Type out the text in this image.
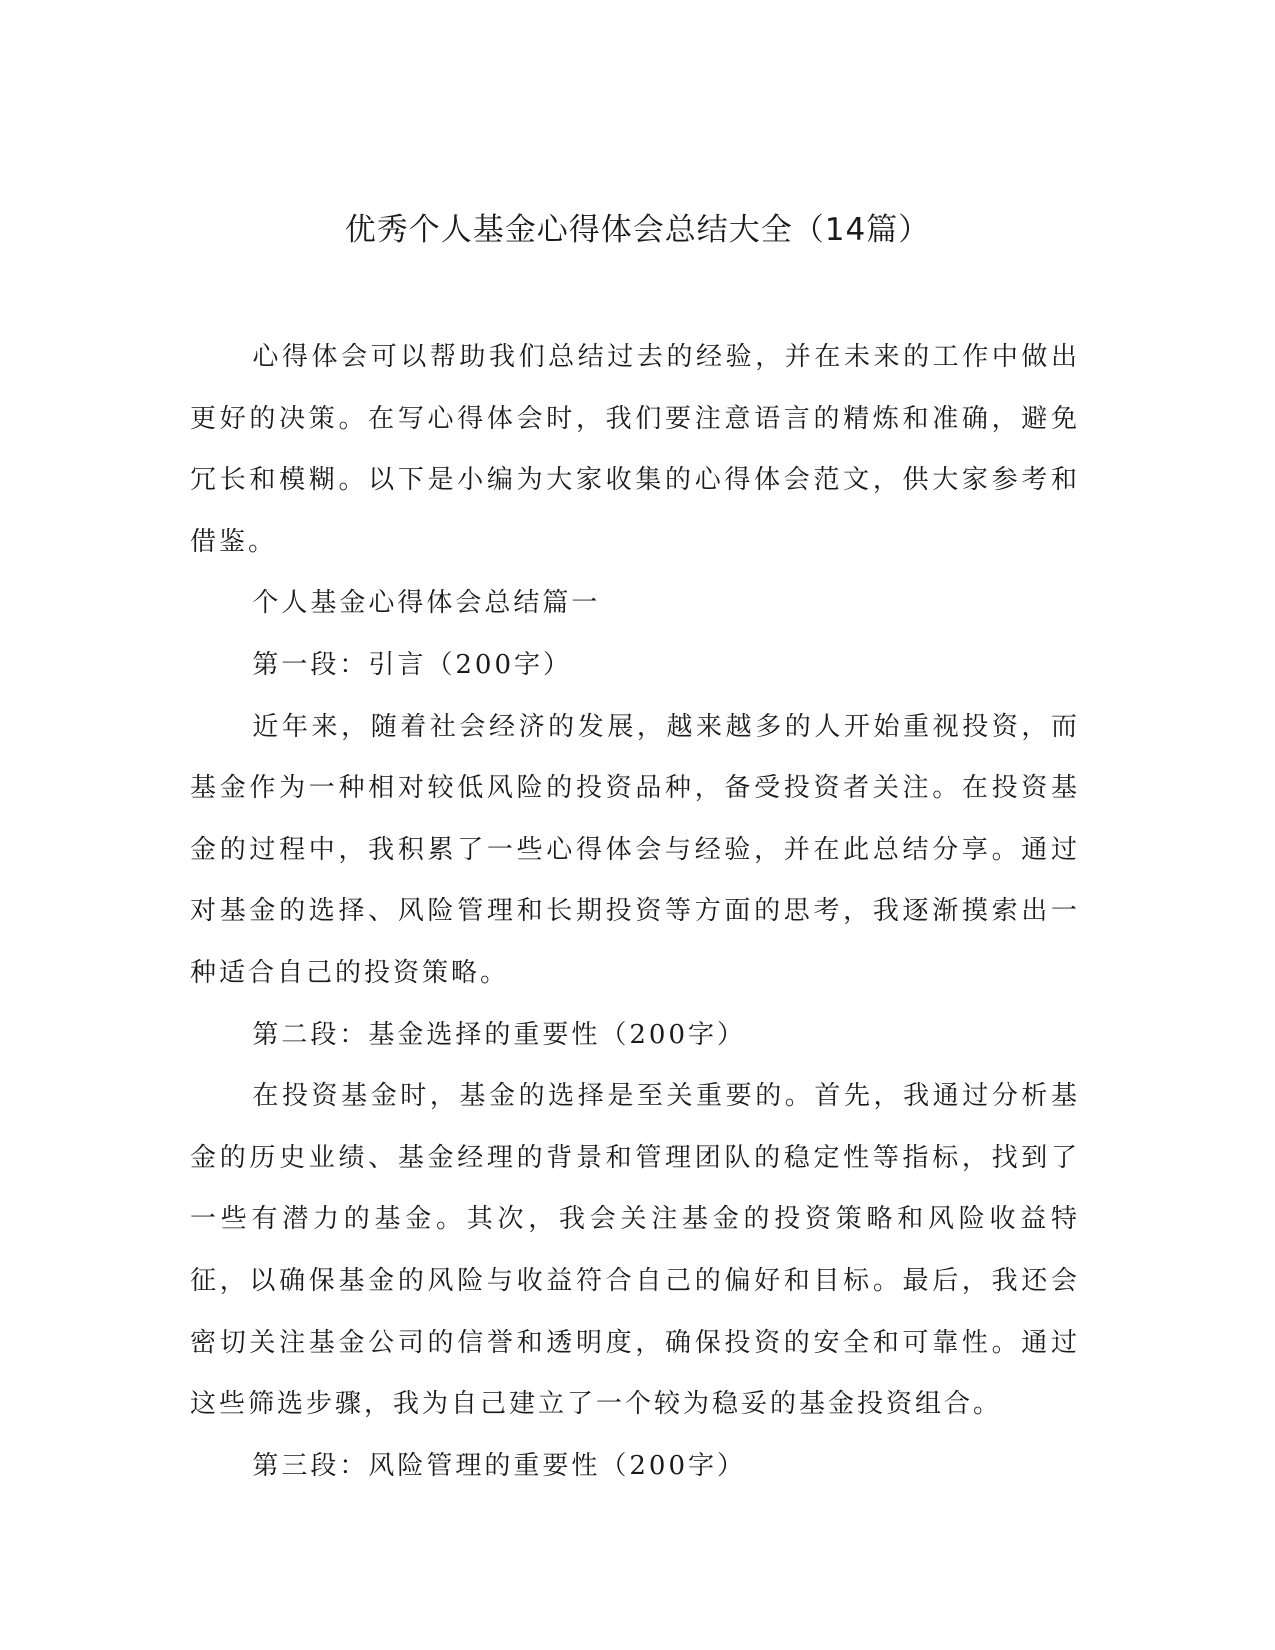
优秀个人基金心得体会总结大全（14篇）

心得体会可以帮助我们总结过去的经验，并在未来的工作中做出更好的决策。在写心得体会时，我们要注意语言的精炼和准确，避免冗长和模糊。以下是小编为大家收集的心得体会范文，供大家参考和借鉴。

个人基金心得体会总结篇一

第一段：引言（200字）

近年来，随着社会经济的发展，越来越多的人开始重视投资，而基金作为一种相对较低风险的投资品种，备受投资者关注。在投资基金的过程中，我积累了一些心得体会与经验，并在此总结分享。通过对基金的选择、风险管理和长期投资等方面的思考，我逐渐摸索出一种适合自己的投资策略。

第二段：基金选择的重要性（200字）

在投资基金时，基金的选择是至关重要的。首先，我通过分析基金的历史业绩、基金经理的背景和管理团队的稳定性等指标，找到了一些有潜力的基金。其次，我会关注基金的投资策略和风险收益特征，以确保基金的风险与收益符合自己的偏好和目标。最后，我还会密切关注基金公司的信誉和透明度，确保投资的安全和可靠性。通过这些筛选步骤，我为自己建立了一个较为稳妥的基金投资组合。

第三段：风险管理的重要性（200字）
